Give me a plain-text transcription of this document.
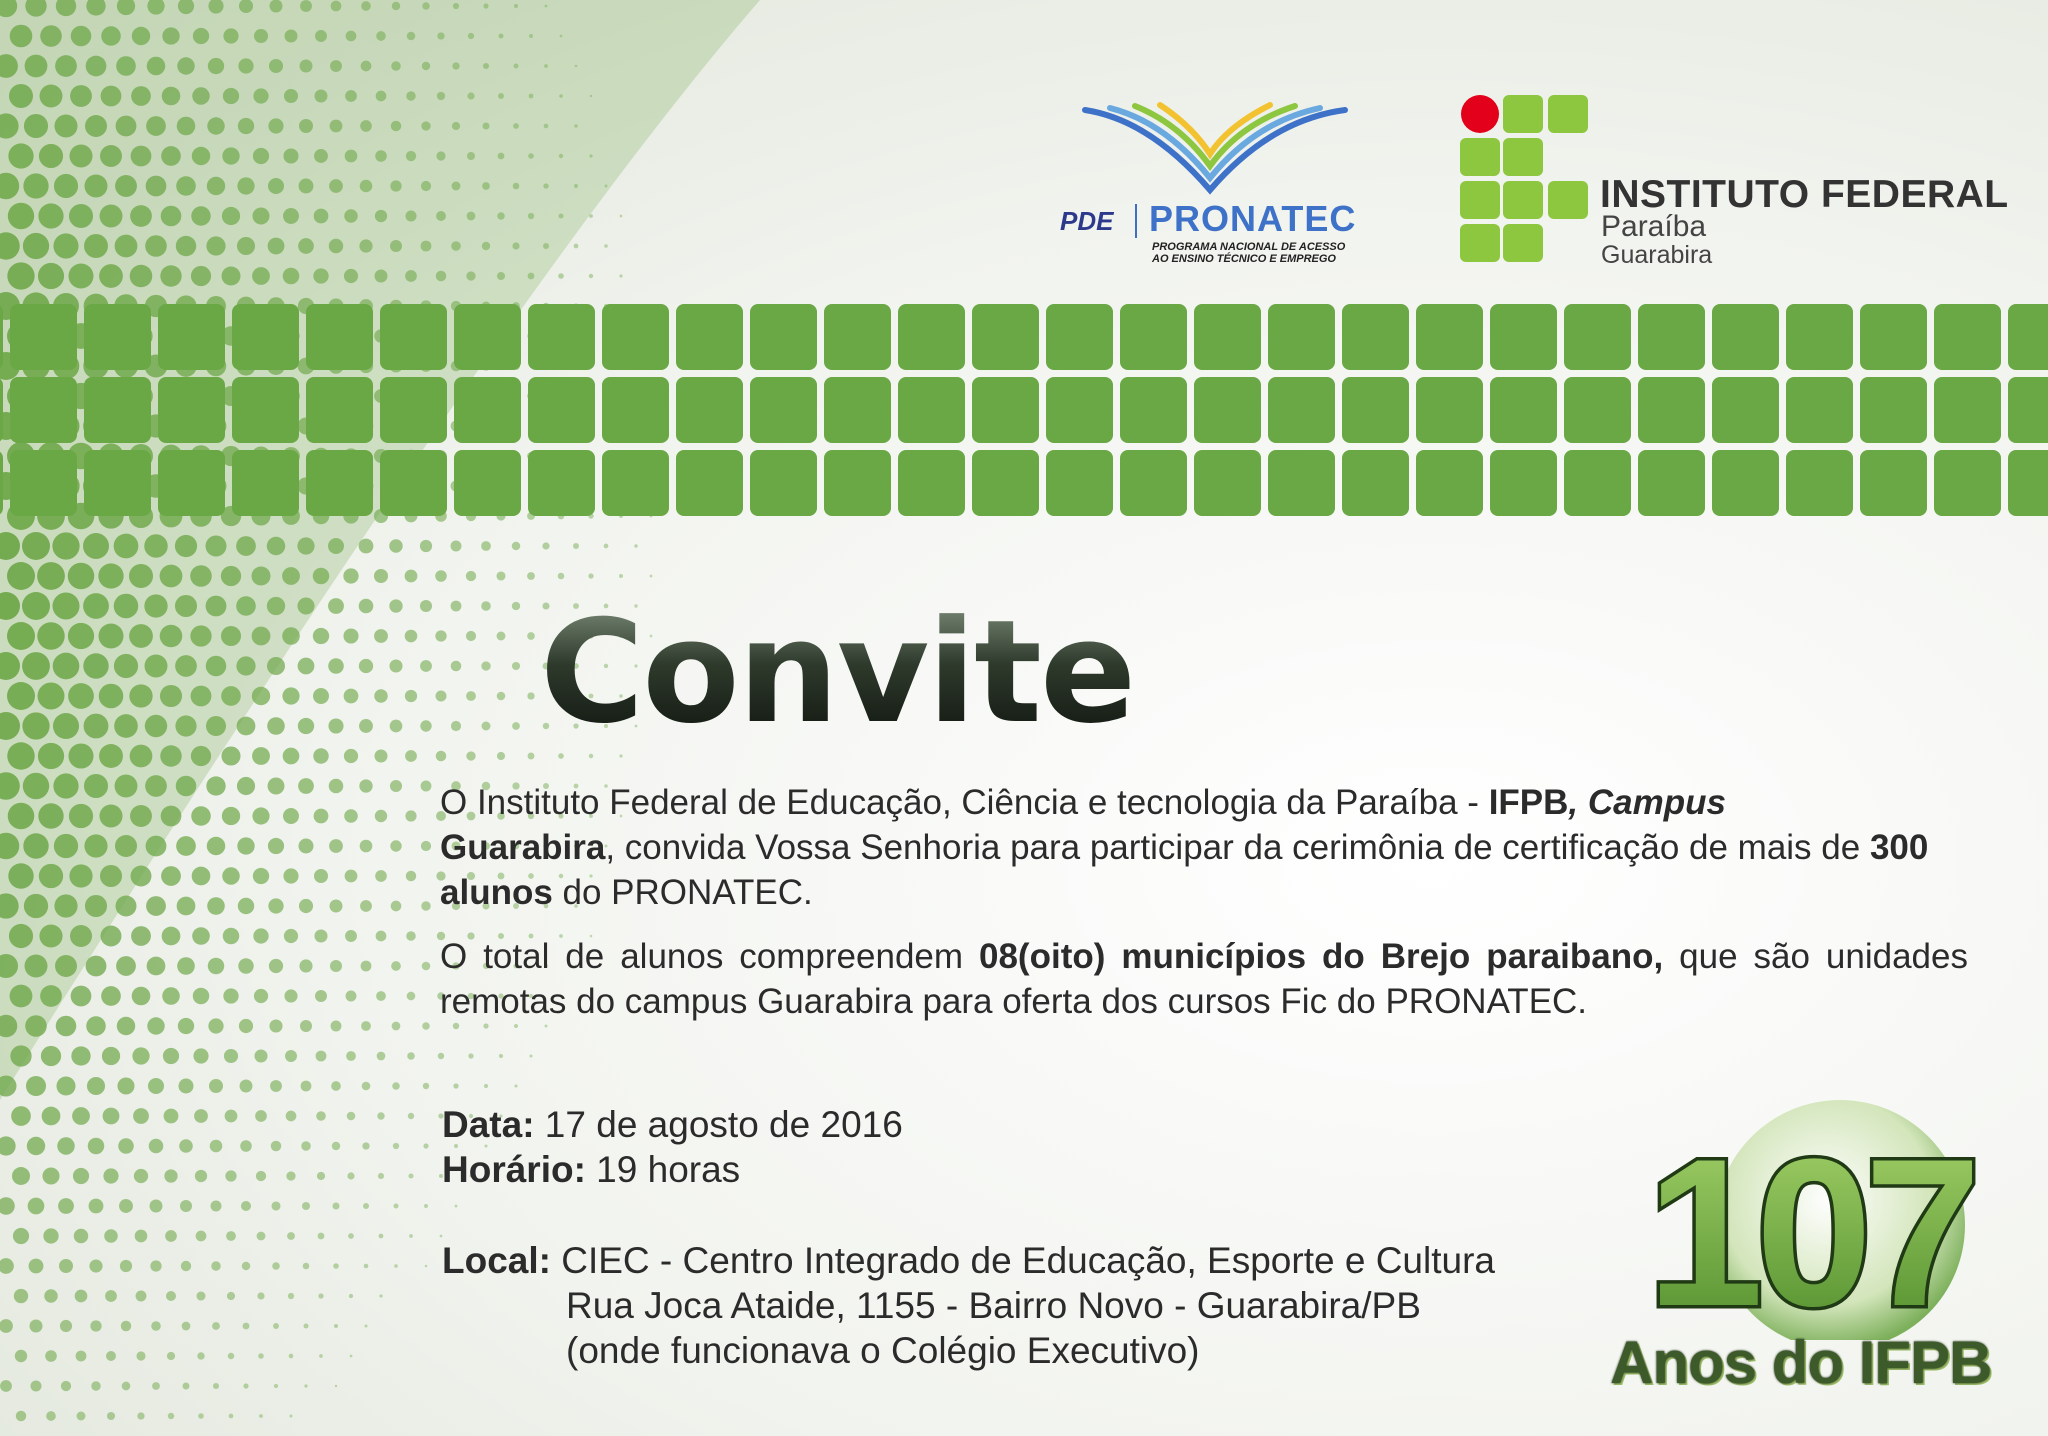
PDE PRONATEC
PROGRAMA NACIONAL DE ACESSO
AO ENSINO TÉCNICO E EMPREGO
INSTITUTO FEDERAL
Paraíba
Guarabira
Convite
O Instituto Federal de Educação, Ciência e tecnologia da Paraíba - IFPB, Campus
Guarabira, convida Vossa Senhoria para participar da cerimônia de certificação de mais de 300 alunos do PRONATEC.
O total de alunos compreendem 08(oito) municípios do Brejo paraibano, que são unidades remotas do campus Guarabira para oferta dos cursos Fic do PRONATEC.
Data: 17 de agosto de 2016
Horário: 19 horas
Local: CIEC - Centro Integrado de Educação, Esporte e Cultura
Rua Joca Ataide, 1155 - Bairro Novo - Guarabira/PB
(onde funcionava o Colégio Executivo)
107
Anos do IFPB
